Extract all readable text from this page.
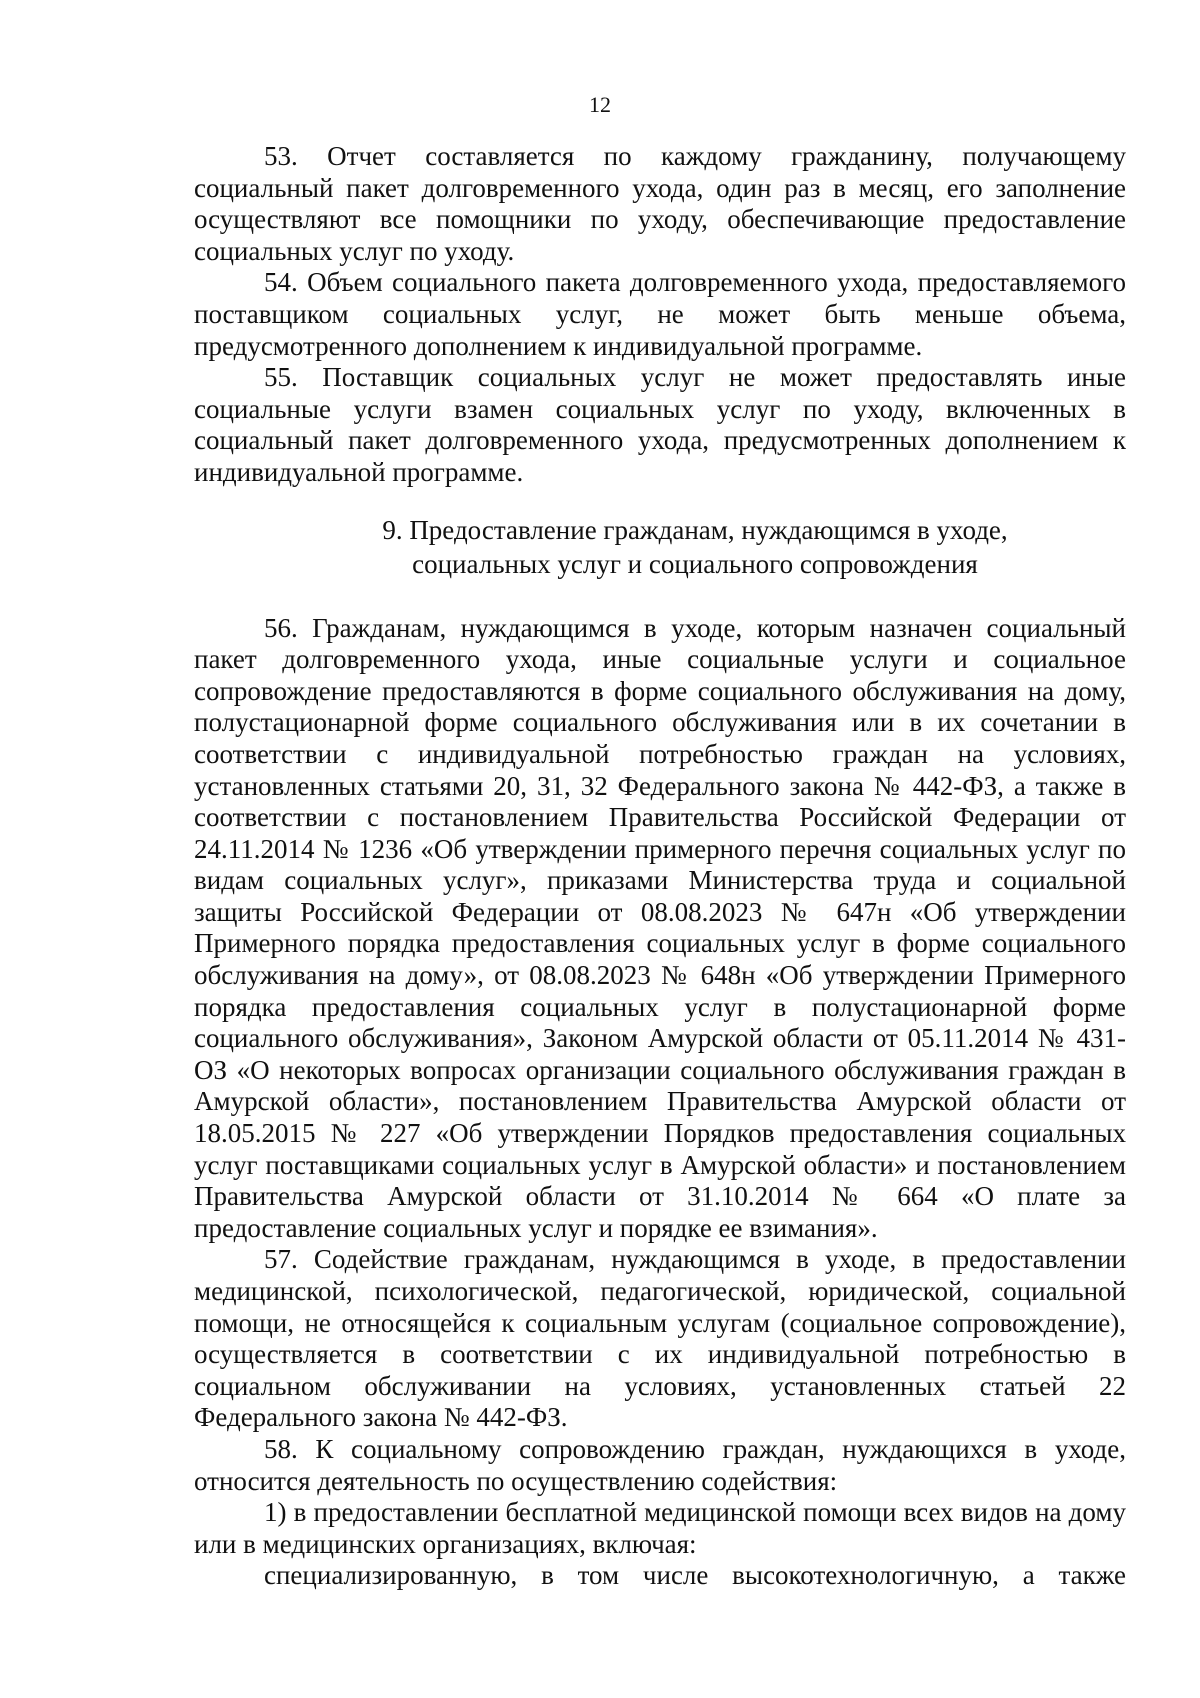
12

53. Отчет составляется по каждому гражданину, получающему социальный пакет долговременного ухода, один раз в месяц, его заполнение осуществляют все помощники по уходу, обеспечивающие предоставление социальных услуг по уходу.

54. Объем социального пакета долговременного ухода, предоставляемого поставщиком социальных услуг, не может быть меньше объема, предусмотренного дополнением к индивидуальной программе.

55. Поставщик социальных услуг не может предоставлять иные социальные услуги взамен социальных услуг по уходу, включенных в социальный пакет долговременного ухода, предусмотренных дополнением к индивидуальной программе.

9. Предоставление гражданам, нуждающимся в уходе,
социальных услуг и социального сопровождения

56. Гражданам, нуждающимся в уходе, которым назначен социальный пакет долговременного ухода, иные социальные услуги и социальное сопровождение предоставляются в форме социального обслуживания на дому, полустационарной форме социального обслуживания или в их сочетании в соответствии с индивидуальной потребностью граждан на условиях, установленных статьями 20, 31, 32 Федерального закона № 442-ФЗ, а также в соответствии с постановлением Правительства Российской Федерации от 24.11.2014 № 1236 «Об утверждении примерного перечня социальных услуг по видам социальных услуг», приказами Министерства труда и социальной защиты Российской Федерации от 08.08.2023 № 647н «Об утверждении Примерного порядка предоставления социальных услуг в форме социального обслуживания на дому», от 08.08.2023 № 648н «Об утверждении Примерного порядка предоставления социальных услуг в полустационарной форме социального обслуживания», Законом Амурской области от 05.11.2014 № 431-ОЗ «О некоторых вопросах организации социального обслуживания граждан в Амурской области», постановлением Правительства Амурской области от 18.05.2015 № 227 «Об утверждении Порядков предоставления социальных услуг поставщиками социальных услуг в Амурской области» и постановлением Правительства Амурской области от 31.10.2014 № 664 «О плате за предоставление социальных услуг и порядке ее взимания».

57. Содействие гражданам, нуждающимся в уходе, в предоставлении медицинской, психологической, педагогической, юридической, социальной помощи, не относящейся к социальным услугам (социальное сопровождение), осуществляется в соответствии с их индивидуальной потребностью в социальном обслуживании на условиях, установленных статьей 22 Федерального закона № 442-ФЗ.

58. К социальному сопровождению граждан, нуждающихся в уходе, относится деятельность по осуществлению содействия:

1) в предоставлении бесплатной медицинской помощи всех видов на дому или в медицинских организациях, включая:

специализированную, в том числе высокотехнологичную, а также
